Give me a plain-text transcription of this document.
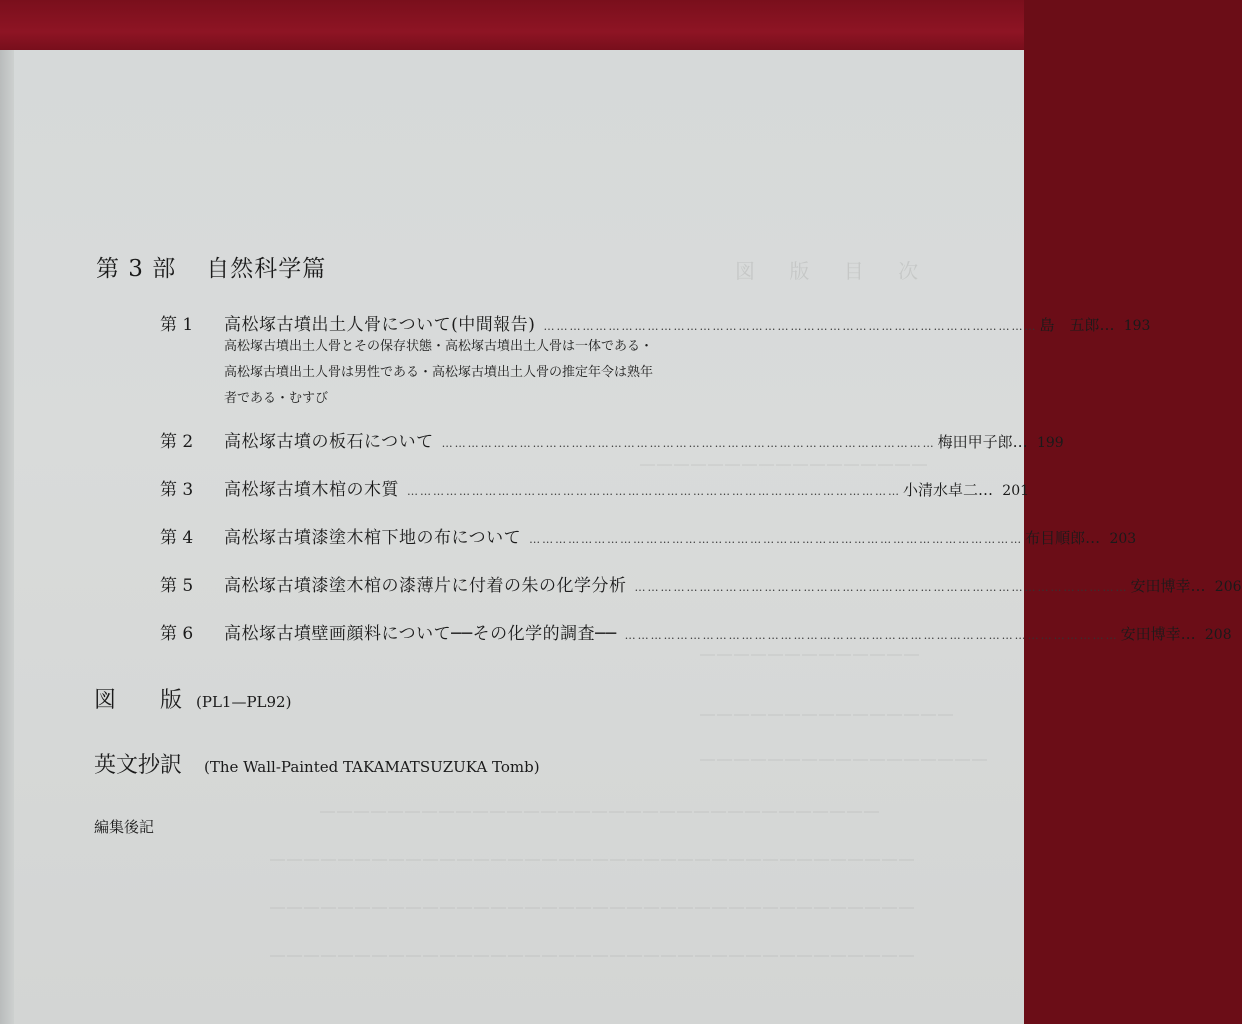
図 版 目 次
―――――――――――――――――
―――――――――――――
―――――――――――――――
―――――――――――――――――
―――――――――――――――――――――――――――――――――
――――――――――――――――――――――――――――――――――――――
――――――――――――――――――――――――――――――――――――――
――――――――――――――――――――――――――――――――――――――
第 3 部 自然科学篇
第 1	高松塚古墳出土人骨について(中間報告) …………………………………………………………………………………………………… 島　五郎… 193
高松塚古墳出土人骨とその保存状態・高松塚古墳出土人骨は一体である・
高松塚古墳出土人骨は男性である・高松塚古墳出土人骨の推定年令は熟年
者である・むすび
第 2	高松塚古墳の板石について …………………………………………………………………………………………………… 梅田甲子郎… 199
第 3	高松塚古墳木棺の木質 …………………………………………………………………………………………………… 小清水卓二… 201
第 4	高松塚古墳漆塗木棺下地の布について …………………………………………………………………………………………………… 布目順郎… 203
第 5	高松塚古墳漆塗木棺の漆薄片に付着の朱の化学分析 …………………………………………………………………………………………………… 安田博幸… 206
第 6	高松塚古墳壁画顔料について──その化学的調査── …………………………………………………………………………………………………… 安田博幸… 208
図　　版 (PL1—PL92)
英文抄訳 (The Wall-Painted TAKAMATSUZUKA Tomb)
編集後記
